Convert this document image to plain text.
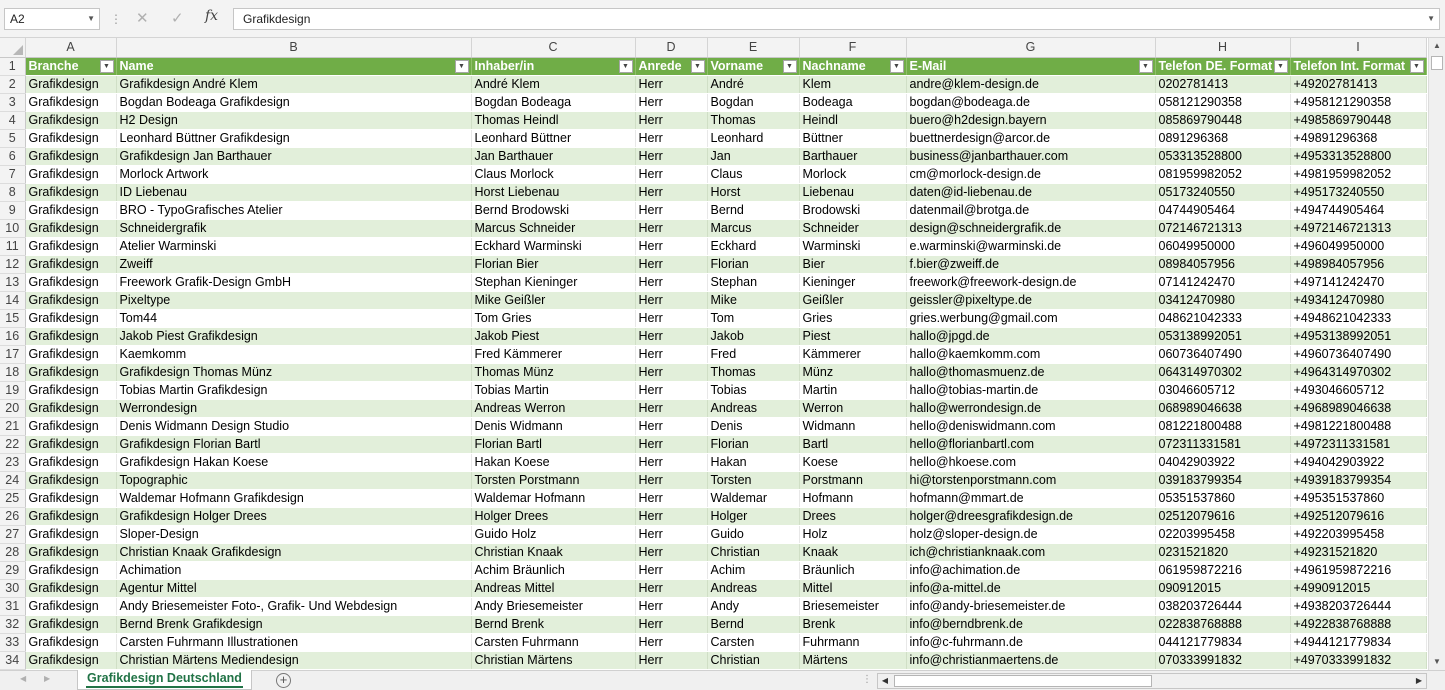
A2	▼ ⋮ ✕ ✓ fx	Grafikdesign	▼
	A	B	C	D	E	F	G	H	I
1	Branche ▼	Name ▼	Inhaber/in ▼	Anrede ▼	Vorname ▼	Nachname ▼	E-Mail ▼	Telefon DE. Format ▼	Telefon Int. Format ▼

2	Grafikdesign	Grafikdesign André Klem	André Klem	Herr	André	Klem	andre@klem-design.de	0202781413	+49202781413
3	Grafikdesign	Bogdan Bodeaga Grafikdesign	Bogdan Bodeaga	Herr	Bogdan	Bodeaga	bogdan@bodeaga.de	058121290358	+4958121290358
4	Grafikdesign	H2 Design	Thomas Heindl	Herr	Thomas	Heindl	buero@h2design.bayern	085869790448	+4985869790448
5	Grafikdesign	Leonhard Büttner Grafikdesign	Leonhard Büttner	Herr	Leonhard	Büttner	buettnerdesign@arcor.de	0891296368	+49891296368
6	Grafikdesign	Grafikdesign Jan Barthauer	Jan Barthauer	Herr	Jan	Barthauer	business@janbarthauer.com	053313528800	+4953313528800
7	Grafikdesign	Morlock Artwork	Claus Morlock	Herr	Claus	Morlock	cm@morlock-design.de	081959982052	+4981959982052
8	Grafikdesign	ID Liebenau	Horst Liebenau	Herr	Horst	Liebenau	daten@id-liebenau.de	05173240550	+495173240550
9	Grafikdesign	BRO - TypoGrafisches Atelier	Bernd Brodowski	Herr	Bernd	Brodowski	datenmail@brotga.de	04744905464	+494744905464
10	Grafikdesign	Schneidergrafik	Marcus Schneider	Herr	Marcus	Schneider	design@schneidergrafik.de	072146721313	+4972146721313
11	Grafikdesign	Atelier Warminski	Eckhard Warminski	Herr	Eckhard	Warminski	e.warminski@warminski.de	06049950000	+496049950000
12	Grafikdesign	Zweiff	Florian Bier	Herr	Florian	Bier	f.bier@zweiff.de	08984057956	+498984057956
13	Grafikdesign	Freework Grafik-Design GmbH	Stephan Kieninger	Herr	Stephan	Kieninger	freework@freework-design.de	07141242470	+497141242470
14	Grafikdesign	Pixeltype	Mike Geißler	Herr	Mike	Geißler	geissler@pixeltype.de	03412470980	+493412470980
15	Grafikdesign	Tom44	Tom Gries	Herr	Tom	Gries	gries.werbung@gmail.com	048621042333	+4948621042333
16	Grafikdesign	Jakob Piest Grafikdesign	Jakob Piest	Herr	Jakob	Piest	hallo@jpgd.de	053138992051	+4953138992051
17	Grafikdesign	Kaemkomm	Fred Kämmerer	Herr	Fred	Kämmerer	hallo@kaemkomm.com	060736407490	+4960736407490
18	Grafikdesign	Grafikdesign Thomas Münz	Thomas Münz	Herr	Thomas	Münz	hallo@thomasmuenz.de	064314970302	+4964314970302
19	Grafikdesign	Tobias Martin Grafikdesign	Tobias Martin	Herr	Tobias	Martin	hallo@tobias-martin.de	03046605712	+493046605712
20	Grafikdesign	Werrondesign	Andreas Werron	Herr	Andreas	Werron	hallo@werrondesign.de	068989046638	+4968989046638
21	Grafikdesign	Denis Widmann Design Studio	Denis Widmann	Herr	Denis	Widmann	hello@deniswidmann.com	081221800488	+4981221800488
22	Grafikdesign	Grafikdesign Florian Bartl	Florian Bartl	Herr	Florian	Bartl	hello@florianbartl.com	072311331581	+4972311331581
23	Grafikdesign	Grafikdesign Hakan Koese	Hakan Koese	Herr	Hakan	Koese	hello@hkoese.com	04042903922	+494042903922
24	Grafikdesign	Topographic	Torsten Porstmann	Herr	Torsten	Porstmann	hi@torstenporstmann.com	039183799354	+4939183799354
25	Grafikdesign	Waldemar Hofmann Grafikdesign	Waldemar Hofmann	Herr	Waldemar	Hofmann	hofmann@mmart.de	05351537860	+495351537860
26	Grafikdesign	Grafikdesign Holger Drees	Holger Drees	Herr	Holger	Drees	holger@dreesgrafikdesign.de	02512079616	+492512079616
27	Grafikdesign	Sloper-Design	Guido Holz	Herr	Guido	Holz	holz@sloper-design.de	02203995458	+492203995458
28	Grafikdesign	Christian Knaak Grafikdesign	Christian Knaak	Herr	Christian	Knaak	ich@christianknaak.com	0231521820	+49231521820
29	Grafikdesign	Achimation	Achim Bräunlich	Herr	Achim	Bräunlich	info@achimation.de	061959872216	+4961959872216
30	Grafikdesign	Agentur Mittel	Andreas Mittel	Herr	Andreas	Mittel	info@a-mittel.de	090912015	+4990912015
31	Grafikdesign	Andy Briesemeister Foto-, Grafik- Und Webdesign	Andy Briesemeister	Herr	Andy	Briesemeister	info@andy-briesemeister.de	038203726444	+4938203726444
32	Grafikdesign	Bernd Brenk Grafikdesign	Bernd Brenk	Herr	Bernd	Brenk	info@berndbrenk.de	022838768888	+4922838768888
33	Grafikdesign	Carsten Fuhrmann Illustrationen	Carsten Fuhrmann	Herr	Carsten	Fuhrmann	info@c-fuhrmann.de	044121779834	+4944121779834
34	Grafikdesign	Christian Märtens Mediendesign	Christian Märtens	Herr	Christian	Märtens	info@christianmaertens.de	070333991832	+4970333991832
▲
▼
◀ ▶	Grafikdesign Deutschland	+	⋮	◀	▶
